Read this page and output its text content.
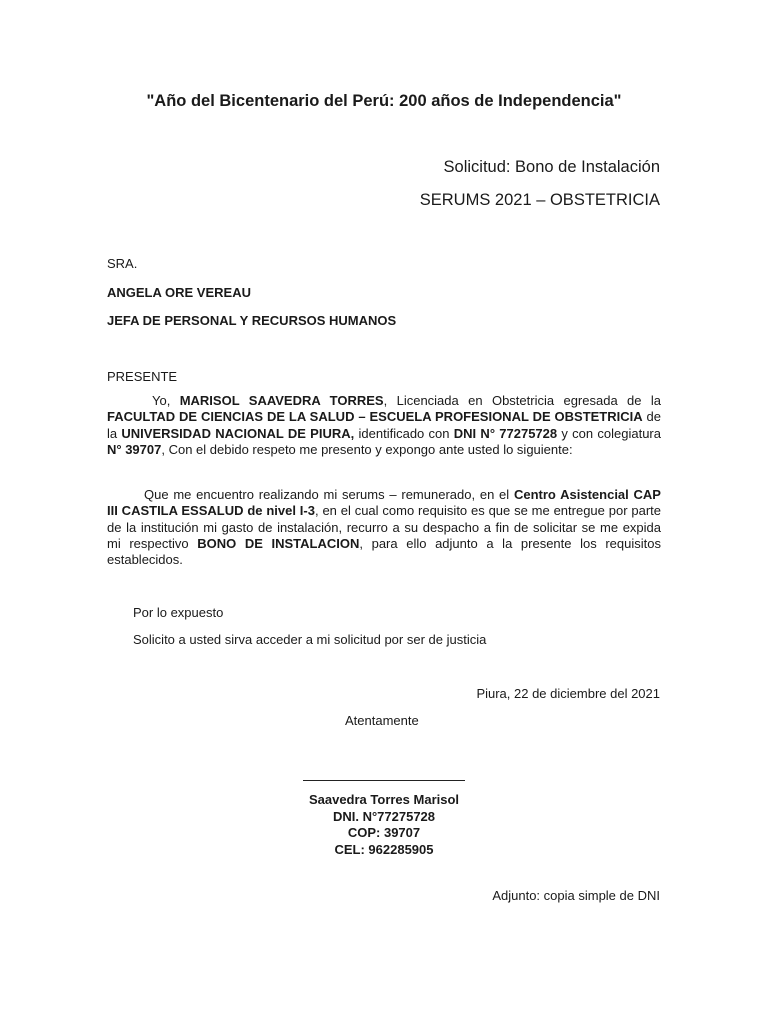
"Año del Bicentenario del Perú: 200 años de Independencia"
Solicitud: Bono de Instalación
SERUMS 2021 – OBSTETRICIA
SRA.
ANGELA ORE VEREAU
JEFA DE PERSONAL Y RECURSOS HUMANOS
PRESENTE
Yo, MARISOL SAAVEDRA TORRES, Licenciada en Obstetricia egresada de la FACULTAD DE CIENCIAS DE LA SALUD – ESCUELA PROFESIONAL DE OBSTETRICIA de la UNIVERSIDAD NACIONAL DE PIURA, identificado con DNI N° 77275728 y con colegiatura N° 39707, Con el debido respeto me presento y expongo ante usted lo siguiente:
Que me encuentro realizando mi serums – remunerado, en el Centro Asistencial CAP III CASTILA ESSALUD de nivel I-3, en el cual como requisito es que se me entregue por parte de la institución mi gasto de instalación, recurro a su despacho a fin de solicitar se me expida mi respectivo BONO DE INSTALACION, para ello adjunto a la presente los requisitos establecidos.
Por lo expuesto
Solicito a usted sirva acceder a mi solicitud por ser de justicia
Piura, 22 de diciembre del 2021
Atentamente
Saavedra Torres Marisol
DNI. N°77275728
COP: 39707
CEL: 962285905
Adjunto: copia simple de DNI
